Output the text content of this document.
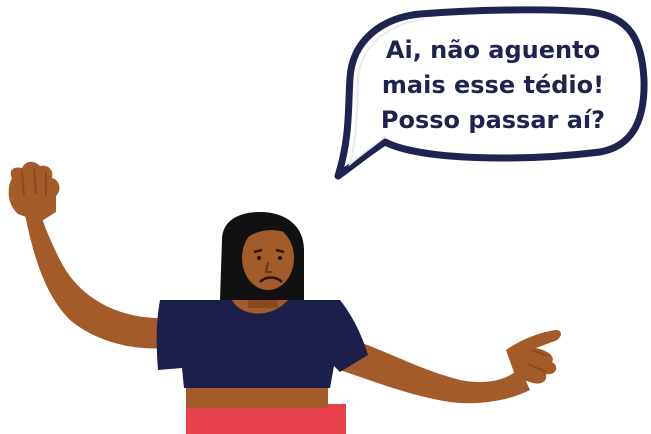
Ai, não aguento
mais esse tédio!
Posso passar aí?
